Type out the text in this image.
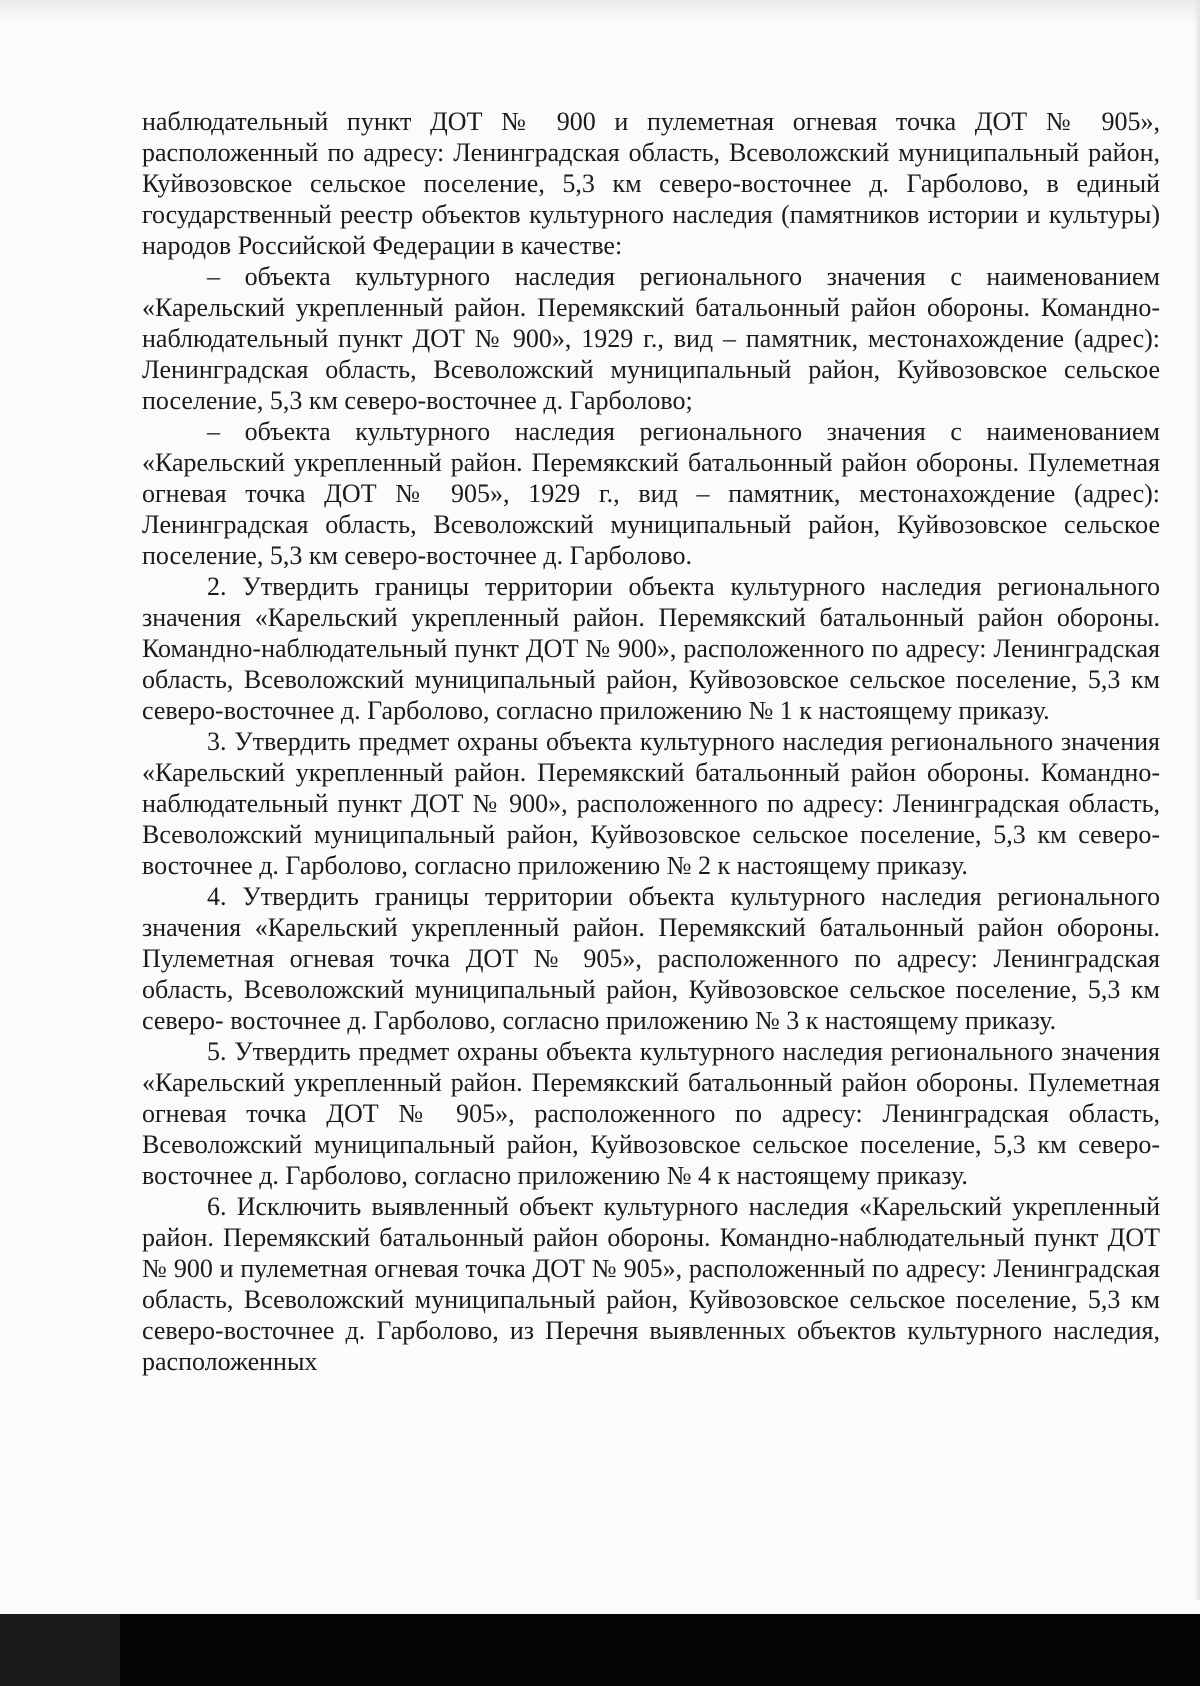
наблюдательный пункт ДОТ № 900 и пулеметная огневая точка ДОТ № 905», расположенный по адресу: Ленинградская область, Всеволожский муниципальный район, Куйвозовское сельское поселение, 5,3 км северо-восточнее д. Гарболово, в единый государственный реестр объектов культурного наследия (памятников истории и культуры) народов Российской Федерации в качестве:

– объекта культурного наследия регионального значения с наименованием «Карельский укрепленный район. Перемякский батальонный район обороны. Командно-наблюдательный пункт ДОТ № 900», 1929 г., вид – памятник, местонахождение (адрес): Ленинградская область, Всеволожский муниципальный район, Куйвозовское сельское поселение, 5,3 км северо-восточнее д. Гарболово;

– объекта культурного наследия регионального значения с наименованием «Карельский укрепленный район. Перемякский батальонный район обороны. Пулеметная огневая точка ДОТ № 905», 1929 г., вид – памятник, местонахождение (адрес): Ленинградская область, Всеволожский муниципальный район, Куйвозовское сельское поселение, 5,3 км северо-восточнее д. Гарболово.

2. Утвердить границы территории объекта культурного наследия регионального значения «Карельский укрепленный район. Перемякский батальонный район обороны. Командно-наблюдательный пункт ДОТ № 900», расположенного по адресу: Ленинградская область, Всеволожский муниципальный район, Куйвозовское сельское поселение, 5,3 км северо-восточнее д. Гарболово, согласно приложению № 1 к настоящему приказу.

3. Утвердить предмет охраны объекта культурного наследия регионального значения «Карельский укрепленный район. Перемякский батальонный район обороны. Командно-наблюдательный пункт ДОТ № 900», расположенного по адресу: Ленинградская область, Всеволожский муниципальный район, Куйвозовское сельское поселение, 5,3 км северо-восточнее д. Гарболово, согласно приложению № 2 к настоящему приказу.

4. Утвердить границы территории объекта культурного наследия регионального значения «Карельский укрепленный район. Перемякский батальонный район обороны. Пулеметная огневая точка ДОТ № 905», расположенного по адресу: Ленинградская область, Всеволожский муниципальный район, Куйвозовское сельское поселение, 5,3 км северо- восточнее д. Гарболово, согласно приложению № 3 к настоящему приказу.

5. Утвердить предмет охраны объекта культурного наследия регионального значения «Карельский укрепленный район. Перемякский батальонный район обороны. Пулеметная огневая точка ДОТ № 905», расположенного по адресу: Ленинградская область, Всеволожский муниципальный район, Куйвозовское сельское поселение, 5,3 км северо- восточнее д. Гарболово, согласно приложению № 4 к настоящему приказу.

6. Исключить выявленный объект культурного наследия «Карельский укрепленный район. Перемякский батальонный район обороны. Командно-наблюдательный пункт ДОТ № 900 и пулеметная огневая точка ДОТ № 905», расположенный по адресу: Ленинградская область, Всеволожский муниципальный район, Куйвозовское сельское поселение, 5,3 км северо-восточнее д. Гарболово, из Перечня выявленных объектов культурного наследия, расположенных
